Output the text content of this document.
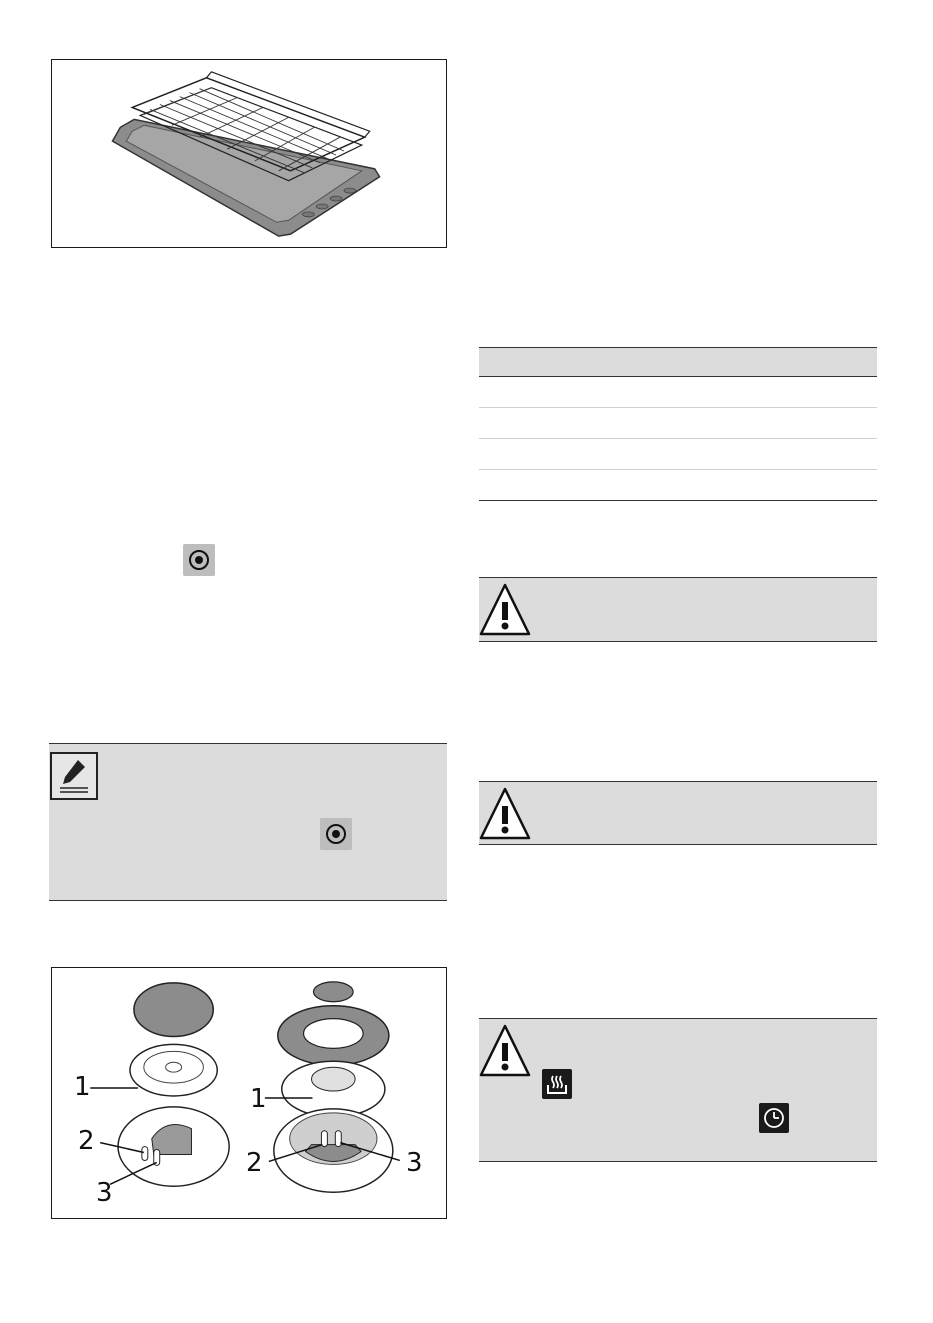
1
2
3
1
2	3
